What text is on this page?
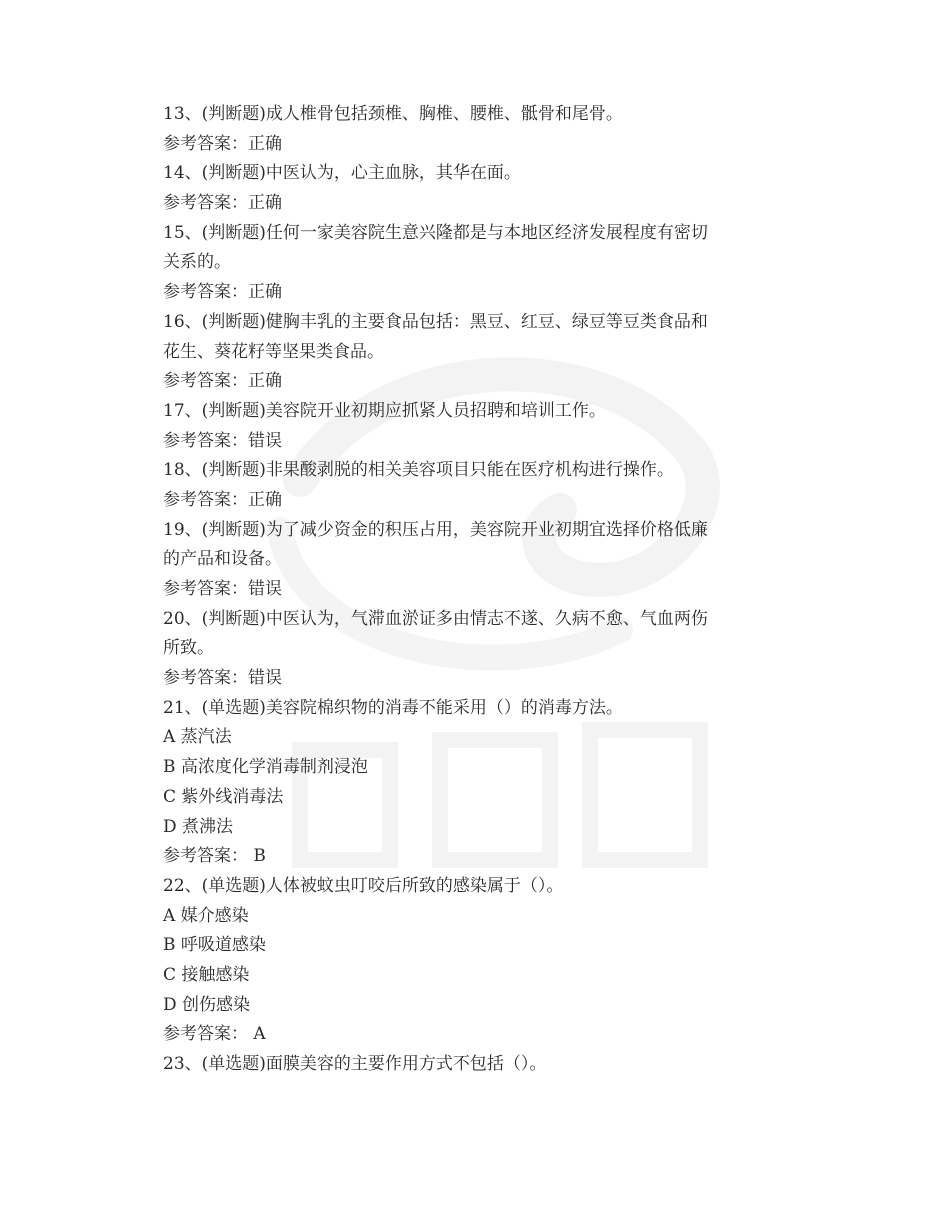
13、(判断题)成人椎骨包括颈椎、胸椎、腰椎、骶骨和尾骨。
参考答案：正确
14、(判断题)中医认为，心主血脉，其华在面。
参考答案：正确
15、(判断题)任何一家美容院生意兴隆都是与本地区经济发展程度有密切
关系的。
参考答案：正确
16、(判断题)健胸丰乳的主要食品包括：黑豆、红豆、绿豆等豆类食品和
花生、葵花籽等坚果类食品。
参考答案：正确
17、(判断题)美容院开业初期应抓紧人员招聘和培训工作。
参考答案：错误
18、(判断题)非果酸剥脱的相关美容项目只能在医疗机构进行操作。
参考答案：正确
19、(判断题)为了减少资金的积压占用，美容院开业初期宜选择价格低廉
的产品和设备。
参考答案：错误
20、(判断题)中医认为，气滞血淤证多由情志不遂、久病不愈、气血两伤
所致。
参考答案：错误
21、(单选题)美容院棉织物的消毒不能采用（）的消毒方法。
A 蒸汽法
B 高浓度化学消毒制剂浸泡
C 紫外线消毒法
D 煮沸法
参考答案： B
22、(单选题)人体被蚊虫叮咬后所致的感染属于（）。
A 媒介感染
B 呼吸道感染
C 接触感染
D 创伤感染
参考答案： A
23、(单选题)面膜美容的主要作用方式不包括（）。
